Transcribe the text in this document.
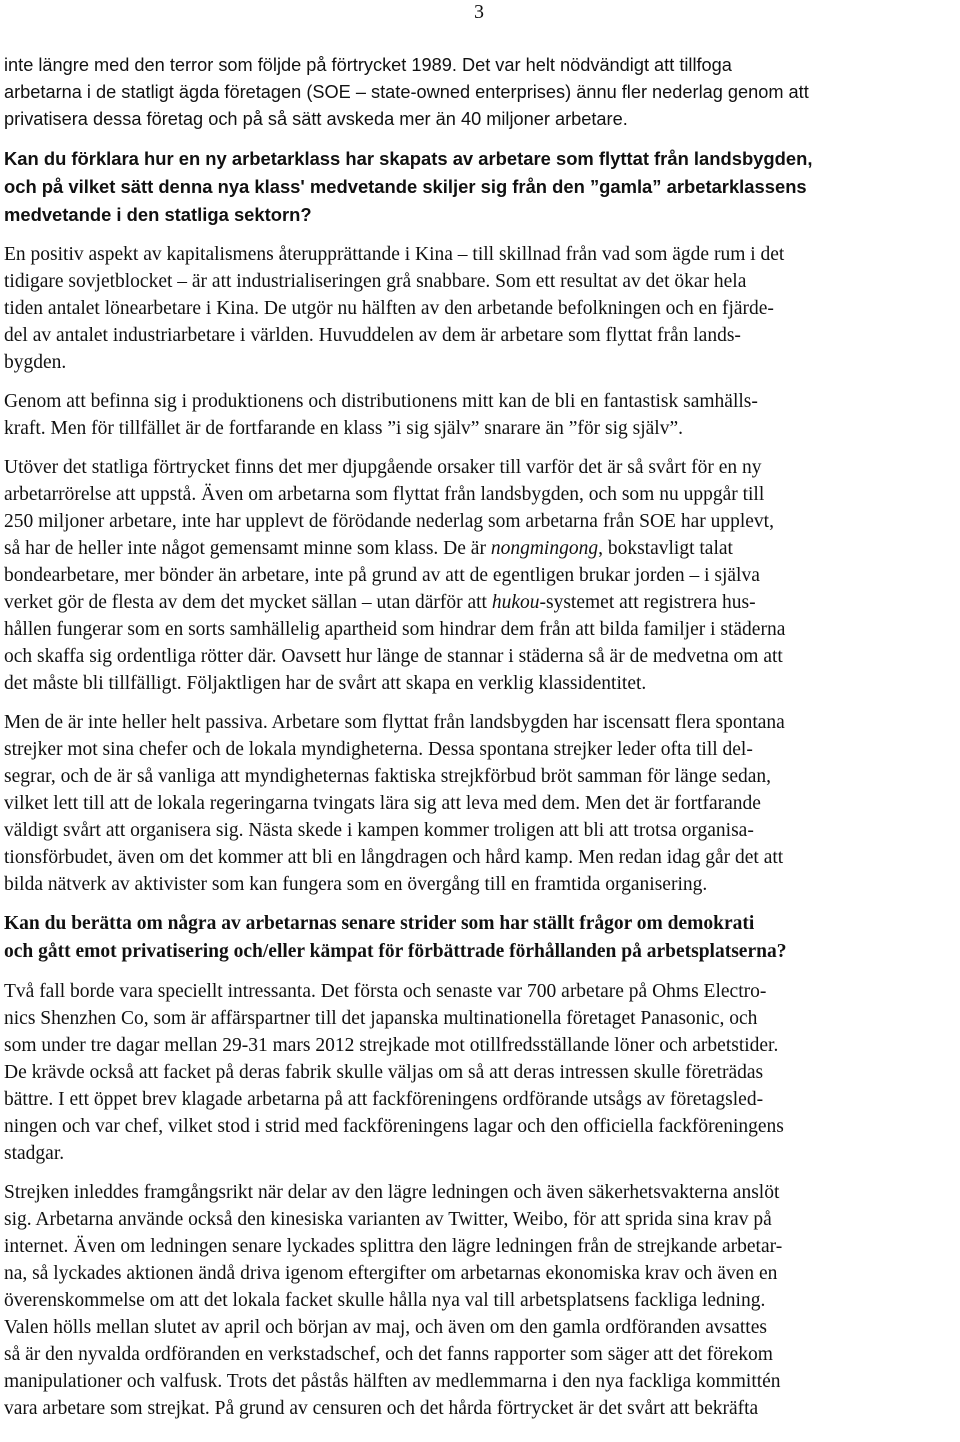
3

inte längre med den terror som följde på förtrycket 1989. Det var helt nödvändigt att tillfoga
arbetarna i de statligt ägda företagen (SOE – state-owned enterprises) ännu fler nederlag genom att
privatisera dessa företag och på så sätt avskeda mer än 40 miljoner arbetare.

Kan du förklara hur en ny arbetarklass har skapats av arbetare som flyttat från landsbygden,
och på vilket sätt denna nya klass' medvetande skiljer sig från den ”gamla” arbetarklassens
medvetande i den statliga sektorn?

En positiv aspekt av kapitalismens återupprättande i Kina – till skillnad från vad som ägde rum i det
tidigare sovjetblocket – är att industrialiseringen grå snabbare. Som ett resultat av det ökar hela
tiden antalet lönearbetare i Kina. De utgör nu hälften av den arbetande befolkningen och en fjärde-
del av antalet industriarbetare i världen. Huvuddelen av dem är arbetare som flyttat från lands-
bygden.

Genom att befinna sig i produktionens och distributionens mitt kan de bli en fantastisk samhälls-
kraft. Men för tillfället är de fortfarande en klass ”i sig själv” snarare än ”för sig själv”.

Utöver det statliga förtrycket finns det mer djupgående orsaker till varför det är så svårt för en ny
arbetarrörelse att uppstå. Även om arbetarna som flyttat från landsbygden, och som nu uppgår till
250 miljoner arbetare, inte har upplevt de förödande nederlag som arbetarna från SOE har upplevt,
så har de heller inte något gemensamt minne som klass. De är nongmingong, bokstavligt talat
bondearbetare, mer bönder än arbetare, inte på grund av att de egentligen brukar jorden – i själva
verket gör de flesta av dem det mycket sällan – utan därför att hukou-systemet att registrera hus-
hållen fungerar som en sorts samhällelig apartheid som hindrar dem från att bilda familjer i städerna
och skaffa sig ordentliga rötter där. Oavsett hur länge de stannar i städerna så är de medvetna om att
det måste bli tillfälligt. Följaktligen har de svårt att skapa en verklig klassidentitet.

Men de är inte heller helt passiva. Arbetare som flyttat från landsbygden har iscensatt flera spontana
strejker mot sina chefer och de lokala myndigheterna. Dessa spontana strejker leder ofta till del-
segrar, och de är så vanliga att myndigheternas faktiska strejkförbud bröt samman för länge sedan,
vilket lett till att de lokala regeringarna tvingats lära sig att leva med dem. Men det är fortfarande
väldigt svårt att organisera sig. Nästa skede i kampen kommer troligen att bli att trotsa organisa-
tionsförbudet, även om det kommer att bli en långdragen och hård kamp. Men redan idag går det att
bilda nätverk av aktivister som kan fungera som en övergång till en framtida organisering.

Kan du berätta om några av arbetarnas senare strider som har ställt frågor om demokrati
och gått emot privatisering och/eller kämpat för förbättrade förhållanden på arbetsplatserna?

Två fall borde vara speciellt intressanta. Det första och senaste var 700 arbetare på Ohms Electro-
nics Shenzhen Co, som är affärspartner till det japanska multinationella företaget Panasonic, och
som under tre dagar mellan 29-31 mars 2012 strejkade mot otillfredsställande löner och arbetstider.
De krävde också att facket på deras fabrik skulle väljas om så att deras intressen skulle företrädas
bättre. I ett öppet brev klagade arbetarna på att fackföreningens ordförande utsågs av företagsled-
ningen och var chef, vilket stod i strid med fackföreningens lagar och den officiella fackföreningens
stadgar.

Strejken inleddes framgångsrikt när delar av den lägre ledningen och även säkerhetsvakterna anslöt
sig. Arbetarna använde också den kinesiska varianten av Twitter, Weibo, för att sprida sina krav på
internet. Även om ledningen senare lyckades splittra den lägre ledningen från de strejkande arbetar-
na, så lyckades aktionen ändå driva igenom eftergifter om arbetarnas ekonomiska krav och även en
överenskommelse om att det lokala facket skulle hålla nya val till arbetsplatsens fackliga ledning.
Valen hölls mellan slutet av april och början av maj, och även om den gamla ordföranden avsattes
så är den nyvalda ordföranden en verkstadschef, och det fanns rapporter som säger att det förekom
manipulationer och valfusk. Trots det påstås hälften av medlemmarna i den nya fackliga kommittén
vara arbetare som strejkat. På grund av censuren och det hårda förtrycket är det svårt att bekräfta
